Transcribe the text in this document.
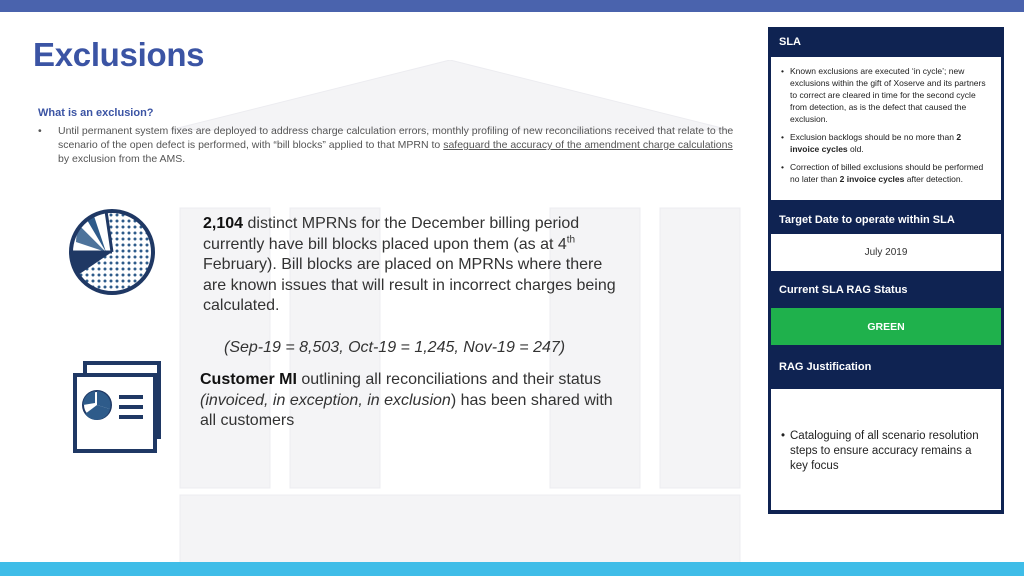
Exclusions
What is an exclusion?
•	Until permanent system fixes are deployed to address charge calculation errors, monthly profiling of new reconciliations received that relate to the scenario of the open defect is performed, with “bill blocks” applied to that MPRN to safeguard the accuracy of the amendment charge calculations by exclusion from the AMS.
2,104 distinct MPRNs for the December billing period currently have bill blocks placed upon them (as at 4th February). Bill blocks are placed on MPRNs where there are known issues that will result in incorrect charges being calculated.
(Sep-19 = 8,503, Oct-19 = 1,245, Nov-19 = 247)
Customer MI outlining all reconciliations and their status (invoiced, in exception, in exclusion) has been shared with all customers
SLA
• Known exclusions are executed ‘in cycle’; new exclusions within the gift of Xoserve and its partners to correct are cleared in time for the second cycle from detection, as is the defect that caused the exclusion.
• Exclusion backlogs should be no more than 2 invoice cycles old.
• Correction of billed exclusions should be performed no later than 2 invoice cycles after detection.
Target Date to operate within SLA
July 2019
Current SLA RAG Status
GREEN
RAG Justification
• Cataloguing of all scenario resolution steps to ensure accuracy remains a key focus
